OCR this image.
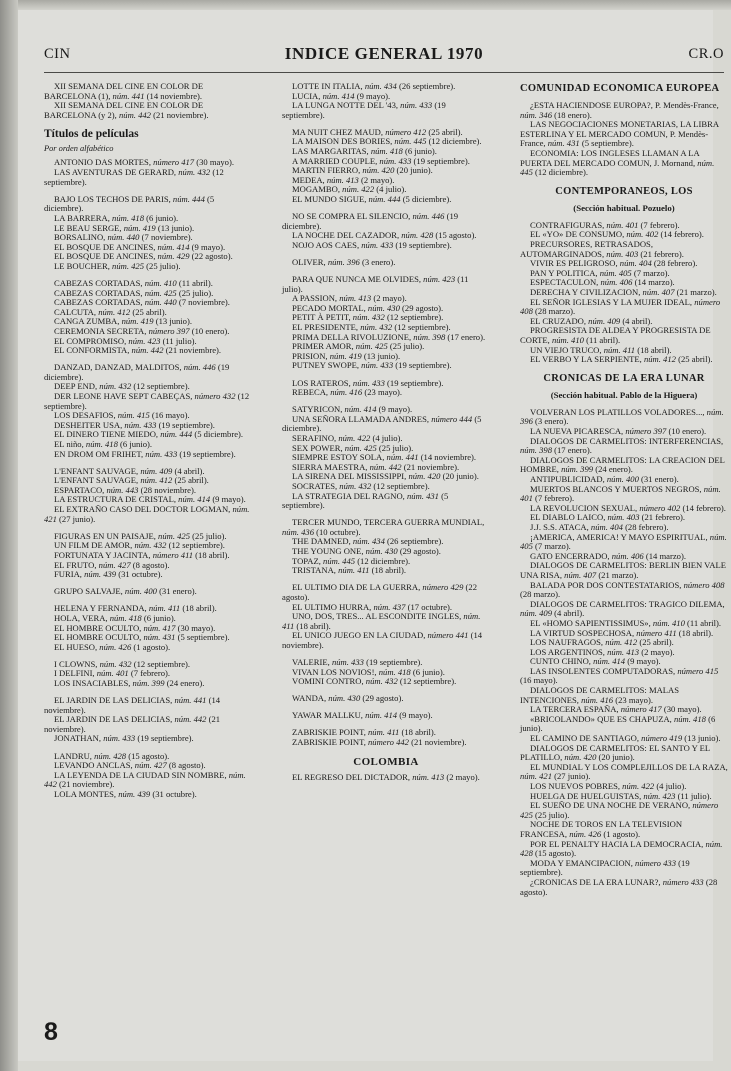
CIN	INDICE GENERAL 1970	CR.O
XII SEMANA DEL CINE EN COLOR DE BARCELONA (1), núm. 441 (14 noviembre).
XII SEMANA DEL CINE EN COLOR DE BARCELONA (y 2), núm. 442 (21 noviembre).
Títulos de películas
Por orden alfabético
ANTONIO DAS MORTES, número 417 (30 mayo).
LAS AVENTURAS DE GERARD, núm. 432 (12 septiembre).
BAJO LOS TECHOS DE PARIS, núm. 444 (5 diciembre).
LA BARRERA, núm. 418 (6 junio).
LE BEAU SERGE, núm. 419 (13 junio).
BORSALINO, núm. 440 (7 noviembre).
EL BOSQUE DE ANCINES, núm. 414 (9 mayo).
EL BOSQUE DE ANCINES, núm. 429 (22 agosto).
LE BOUCHER, núm. 425 (25 julio).
CABEZAS CORTADAS, núm. 410 (11 abril).
CABEZAS CORTADAS, núm. 425 (25 julio).
CABEZAS CORTADAS, núm. 440 (7 noviembre).
CALCUTA, núm. 412 (25 abril).
CANGA ZUMBA, núm. 419 (13 junio).
CEREMONIA SECRETA, número 397 (10 enero).
EL COMPROMISO, núm. 423 (11 julio).
EL CONFORMISTA, núm. 442 (21 noviembre).
DANZAD, DANZAD, MALDITOS, núm. 446 (19 diciembre).
DEEP END, núm. 432 (12 septiembre).
DER LEONE HAVE SEPT CABEÇAS, número 432 (12 septiembre).
LOS DESAFIOS, núm. 415 (16 mayo).
DESHEITER USA, núm. 433 (19 septiembre).
EL DINERO TIENE MIEDO, núm. 444 (5 diciembre).
EL niño, núm. 418 (6 junio).
EN DROM OM FRIHET, núm. 433 (19 septiembre).
L'ENFANT SAUVAGE, núm. 409 (4 abril).
L'ENFANT SAUVAGE, núm. 412 (25 abril).
ESPARTACO, núm. 443 (28 noviembre).
LA ESTRUCTURA DE CRISTAL, núm. 414 (9 mayo).
EL EXTRAÑO CASO DEL DOCTOR LOGMAN, núm. 421 (27 junio).
FIGURAS EN UN PAISAJE, núm. 425 (25 julio).
UN FILM DE AMOR, núm. 432 (12 septiembre).
FORTUNATA Y JACINTA, número 411 (18 abril).
EL FRUTO, núm. 427 (8 agosto).
FURIA, núm. 439 (31 octubre).
GRUPO SALVAJE, núm. 400 (31 enero).
HELENA Y FERNANDA, núm. 411 (18 abril).
HOLA, VERA, núm. 418 (6 junio).
EL HOMBRE OCULTO, núm. 417 (30 mayo).
EL HOMBRE OCULTO, núm. 431 (5 septiembre).
EL HUESO, núm. 426 (1 agosto).
I CLOWNS, núm. 432 (12 septiembre).
I DELFINI, núm. 401 (7 febrero).
LOS INSACIABLES, núm. 399 (24 enero).
EL JARDIN DE LAS DELICIAS, núm. 441 (14 noviembre).
EL JARDIN DE LAS DELICIAS, núm. 442 (21 noviembre).
JONATHAN, núm. 433 (19 septiembre).
LANDRU, núm. 428 (15 agosto).
LEVANDO ANCLAS, núm. 427 (8 agosto).
LA LEYENDA DE LA CIUDAD SIN NOMBRE, núm. 442 (21 noviembre).
LOLA MONTES, núm. 439 (31 octubre).
LOTTE IN ITALIA, núm. 434 (26 septiembre).
LUCIA, núm. 414 (9 mayo).
LA LUNGA NOTTE DEL '43, núm. 433 (19 septiembre).
MA NUIT CHEZ MAUD, número 412 (25 abril).
LA MAISON DES BORIES, núm. 445 (12 diciembre).
LAS MARGARITAS, núm. 418 (6 junio).
A MARRIED COUPLE, núm. 433 (19 septiembre).
MARTIN FIERRO, núm. 420 (20 junio).
MEDEA, núm. 413 (2 mayo).
MOGAMBO, núm. 422 (4 julio).
EL MUNDO SIGUE, núm. 444 (5 diciembre).
NO SE COMPRA EL SILENCIO, núm. 446 (19 diciembre).
LA NOCHE DEL CAZADOR, núm. 428 (15 agosto).
NOJO AOS CAES, núm. 433 (19 septiembre).
OLIVER, núm. 396 (3 enero).
PARA QUE NUNCA ME OLVIDES, núm. 423 (11 julio).
A PASSION, núm. 413 (2 mayo).
PECADO MORTAL, núm. 430 (29 agosto).
PETIT À PETIT, núm. 432 (12 septiembre).
EL PRESIDENTE, núm. 432 (12 septiembre).
PRIMA DELLA RIVOLUZIONE, núm. 398 (17 enero).
PRIMER AMOR, núm. 425 (25 julio).
PRISION, núm. 419 (13 junio).
PUTNEY SWOPE, núm. 433 (19 septiembre).
LOS RATEROS, núm. 433 (19 septiembre).
REBECA, núm. 416 (23 mayo).
SATYRICON, núm. 414 (9 mayo).
UNA SEÑORA LLAMADA ANDRES, número 444 (5 diciembre).
SERAFINO, núm. 422 (4 julio).
SEX POWER, núm. 425 (25 julio).
SIEMPRE ESTOY SOLA, núm. 441 (14 noviembre).
SIERRA MAESTRA, núm. 442 (21 noviembre).
LA SIRENA DEL MISSISSIPPI, núm. 420 (20 junio).
SOCRATES, núm. 432 (12 septiembre).
LA STRATEGIA DEL RAGNO, núm. 431 (5 septiembre).
TERCER MUNDO, TERCERA GUERRA MUNDIAL, núm. 436 (10 octubre).
THE DAMNED, núm. 434 (26 septiembre).
THE YOUNG ONE, núm. 430 (29 agosto).
TOPAZ, núm. 445 (12 diciembre).
TRISTANA, núm. 411 (18 abril).
EL ULTIMO DIA DE LA GUERRA, número 429 (22 agosto).
EL ULTIMO HURRA, núm. 437 (17 octubre).
UNO, DOS, TRES... AL ESCONDITE INGLES, núm. 411 (18 abril).
EL UNICO JUEGO EN LA CIUDAD, número 441 (14 noviembre).
VALERIE, núm. 433 (19 septiembre).
VIVAN LOS NOVIOS!, núm. 418 (6 junio).
VOMINI CONTRO, núm. 432 (12 septiembre).
WANDA, núm. 430 (29 agosto).
YAWAR MALLKU, núm. 414 (9 mayo).
ZABRISKIE POINT, núm. 411 (18 abril).
ZABRISKIE POINT, número 442 (21 noviembre).
COLOMBIA
EL REGRESO DEL DICTADOR, núm. 413 (2 mayo).
COMUNIDAD ECONOMICA EUROPEA
¿ESTA HACIENDOSE EUROPA?, P. Mendès-France, núm. 346 (18 enero).
LAS NEGOCIACIONES MONETARIAS, LA LIBRA ESTERLINA Y EL MERCADO COMUN, P. Mendès-France, núm. 431 (5 septiembre).
ECONOMIA: LOS INGLESES LLAMAN A LA PUERTA DEL MERCADO COMUN, J. Mornand, núm. 445 (12 diciembre).
CONTEMPORANEOS, LOS
(Sección habitual. Pozuelo)
CONTRAFIGURAS, núm. 401 (7 febrero).
EL «YO» DE CONSUMO, núm. 402 (14 febrero).
PRECURSORES, RETRASADOS, AUTOMARGINADOS, núm. 403 (21 febrero).
VIVIR ES PELIGROSO, núm. 404 (28 febrero).
PAN Y POLITICA, núm. 405 (7 marzo).
ESPECTACULON, núm. 406 (14 marzo).
DERECHA Y CIVILIZACION, núm. 407 (21 marzo).
EL SEÑOR IGLESIAS Y LA MUJER IDEAL, número 408 (28 marzo).
EL CRUZADO, núm. 409 (4 abril).
PROGRESISTA DE ALDEA Y PROGRESISTA DE CORTE, núm. 410 (11 abril).
UN VIEJO TRUCO, núm. 411 (18 abril).
EL VERBO Y LA SERPIENTE, núm. 412 (25 abril).
CRONICAS DE LA ERA LUNAR
(Sección habitual. Pablo de la Higuera)
VOLVERAN LOS PLATILLOS VOLADORES..., núm. 396 (3 enero).
LA NUEVA PICARESCA, número 397 (10 enero).
DIALOGOS DE CARMELITOS: INTERFERENCIAS, núm. 398 (17 enero).
DIALOGOS DE CARMELITOS: LA CREACION DEL HOMBRE, núm. 399 (24 enero).
ANTIPUBLICIDAD, núm. 400 (31 enero).
MUERTOS BLANCOS Y MUERTOS NEGROS, núm. 401 (7 febrero).
LA REVOLUCION SEXUAL, número 402 (14 febrero).
EL DIABLO LAICO, núm. 403 (21 febrero).
J.J. S.S. ATACA, núm. 404 (28 febrero).
¡AMERICA, AMERICA! Y MAYO ESPIRITUAL, núm. 405 (7 marzo).
GATO ENCERRADO, núm. 406 (14 marzo).
DIALOGOS DE CARMELITOS: BERLIN BIEN VALE UNA RISA, núm. 407 (21 marzo).
BALADA POR DOS CONTESTATARIOS, número 408 (28 marzo).
DIALOGOS DE CARMELITOS: TRAGICO DILEMA, núm. 409 (4 abril).
EL «HOMO SAPIENTISSIMUS», núm. 410 (11 abril).
LA VIRTUD SOSPECHOSA, número 411 (18 abril).
LOS NAUFRAGOS, núm. 412 (25 abril).
LOS ARGENTINOS, núm. 413 (2 mayo).
CUNTO CHINO, núm. 414 (9 mayo).
LAS INSOLENTES COMPUTADORAS, número 415 (16 mayo).
DIALOGOS DE CARMELITOS: MALAS INTENCIONES, núm. 416 (23 mayo).
LA TERCERA ESPAÑA, número 417 (30 mayo).
«BRICOLANDO» QUE ES CHAPUZA, núm. 418 (6 junio).
EL CAMINO DE SANTIAGO, número 419 (13 junio).
DIALOGOS DE CARMELITOS: EL SANTO Y EL PLATILLO, núm. 420 (20 junio).
EL MUNDIAL Y LOS COMPLEJILLOS DE LA RAZA, núm. 421 (27 junio).
LOS NUEVOS POBRES, núm. 422 (4 julio).
HUELGA DE HUELGUISTAS, núm. 423 (11 julio).
EL SUEÑO DE UNA NOCHE DE VERANO, número 425 (25 julio).
NOCHE DE TOROS EN LA TELEVISION FRANCESA, núm. 426 (1 agosto).
POR EL PENALTY HACIA LA DEMOCRACIA, núm. 428 (15 agosto).
MODA Y EMANCIPACION, número 433 (19 septiembre).
¿CRONICAS DE LA ERA LUNAR?, número 433 (28 agosto).
8
